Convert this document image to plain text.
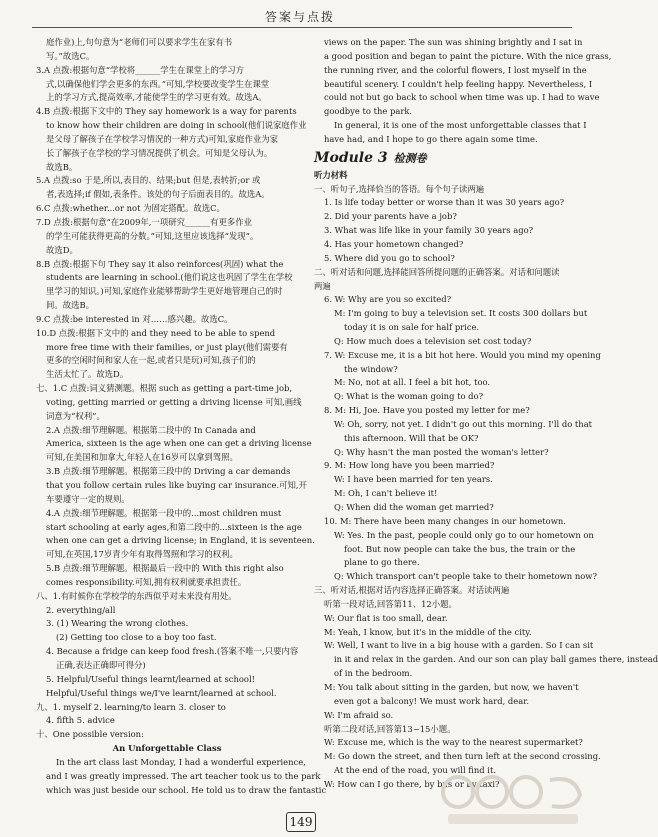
答案与点拨
庭作业)上,句句意为“老师们可以要求学生在家有书
写。”故选C。
3.A 点拨:根据句意“学校将______学生在课堂上的学习方
式,以确保他们学会更多的东西。”可知,学校要改变学生在课堂
上的学习方式,提高效率,才能使学生的学习更有效。故选A。
4.B 点拨:根据下文中的 They say homework is a way for parents
to know how their children are doing in school(他们说家庭作业
是父母了解孩子在学校学习情况的一种方式)可知,家庭作业为家
长了解孩子在学校的学习情况提供了机会。可知是父母认为。
故选B。
5.A 点拨:so 于是,所以,表目的、结果;but 但是,表转折;or 或
者,表选择;if 假如,表条件。该处的句子后面表目的。故选A。
6.C 点拨:whether...or not 为固定搭配。故选C。
7.D 点拨:根据句意“在2009年,一项研究______有更多作业
的学生可能获得更高的分数。”可知,这里应该选择“发现”。
故选D。
8.B 点拨:根据下句 They say it also reinforces(巩固) what the
students are learning in school.(他们说这也巩固了学生在学校
里学习的知识。)可知,家庭作业能够帮助学生更好地管理自己的时
间。故选B。
9.C 点拨:be interested in 对……感兴趣。故选C。
10.D 点拨:根据下文中的 and they need to be able to spend
more free time with their families, or just play(他们需要有
更多的空闲时间和家人在一起,或者只是玩)可知,孩子们的
生活太忙了。故选D。
七、1.C 点拨:词义猜测题。根据 such as getting a part-time job,
voting, getting married or getting a driving license 可知,画线
词意为“权利”。
2.A 点拨:细节理解题。根据第二段中的 In Canada and
America, sixteen is the age when one can get a driving license
可知,在美国和加拿大,年轻人在16岁可以拿到驾照。
3.B 点拨:细节理解题。根据第三段中的 Driving a car demands
that you follow certain rules like buying car insurance.可知,开
车要遵守一定的规则。
4.A 点拨:细节理解题。根据第一段中的...most children must
start schooling at early ages,和第二段中的...sixteen is the age
when one can get a driving license; in England, it is seventeen.
可知,在英国,17岁青少年有取得驾照和学习的权利。
5.B 点拨:细节理解题。根据最后一段中的 With this right also
comes responsibility.可知,拥有权利就要承担责任。
八、1.有时候你在学校学的东西似乎对未来没有用处。
2. everything/all
3. (1) Wearing the wrong clothes.
(2) Getting too close to a boy too fast.
4. Because a fridge can keep food fresh.(答案不唯一,只要内容
正确,表达正确即可得分)
5. Helpful/Useful things learnt/learned at school!
Helpful/Useful things we/I've learnt/learned at school.
九、1. myself 2. learning/to learn 3. closer to
4. fifth 5. advice
十、One possible version:
An Unforgettable Class
In the art class last Monday, I had a wonderful experience,
and I was greatly impressed. The art teacher took us to the park
which was just beside our school. He told us to draw the fantastic
views on the paper. The sun was shining brightly and I sat in
a good position and began to paint the picture. With the nice grass,
the running river, and the colorful flowers, I lost myself in the
beautiful scenery. I couldn't help feeling happy. Nevertheless, I
could not but go back to school when time was up. I had to wave
goodbye to the park.
In general, it is one of the most unforgettable classes that I
have had, and I hope to go there again some time.
Module 3 检测卷
听力材料
一、听句子,选择恰当的答语。每个句子读两遍
1. Is life today better or worse than it was 30 years ago?
2. Did your parents have a job?
3. What was life like in your family 30 years ago?
4. Has your hometown changed?
5. Where did you go to school?
二、听对话和问题,选择能回答所提问题的正确答案。对话和问题读
两遍
6. W: Why are you so excited?
M: I'm going to buy a television set. It costs 300 dollars but
today it is on sale for half price.
Q: How much does a television set cost today?
7. W: Excuse me, it is a bit hot here. Would you mind my opening
the window?
M: No, not at all. I feel a bit hot, too.
Q: What is the woman going to do?
8. M: Hi, Joe. Have you posted my letter for me?
W: Oh, sorry, not yet. I didn't go out this morning. I'll do that
this afternoon. Will that be OK?
Q: Why hasn't the man posted the woman's letter?
9. M: How long have you been married?
W: I have been married for ten years.
M: Oh, I can't believe it!
Q: When did the woman get married?
10. M: There have been many changes in our hometown.
W: Yes. In the past, people could only go to our hometown on
foot. But now people can take the bus, the train or the
plane to go there.
Q: Which transport can't people take to their hometown now?
三、听对话,根据对话内容选择正确答案。对话读两遍
听第一段对话,回答第11、12小题。
W: Our flat is too small, dear.
M: Yeah, I know, but it's in the middle of the city.
W: Well, I want to live in a big house with a garden. So I can sit
in it and relax in the garden. And our son can play ball games there, instead
of in the bedroom.
M: You talk about sitting in the garden, but now, we haven't
even got a balcony! We must work hard, dear.
W: I'm afraid so.
听第二段对话,回答第13~15小题。
W: Excuse me, which is the way to the nearest supermarket?
M: Go down the street, and then turn left at the second crossing.
At the end of the road, you will find it.
W: How can I go there, by bus or by taxi?
149
